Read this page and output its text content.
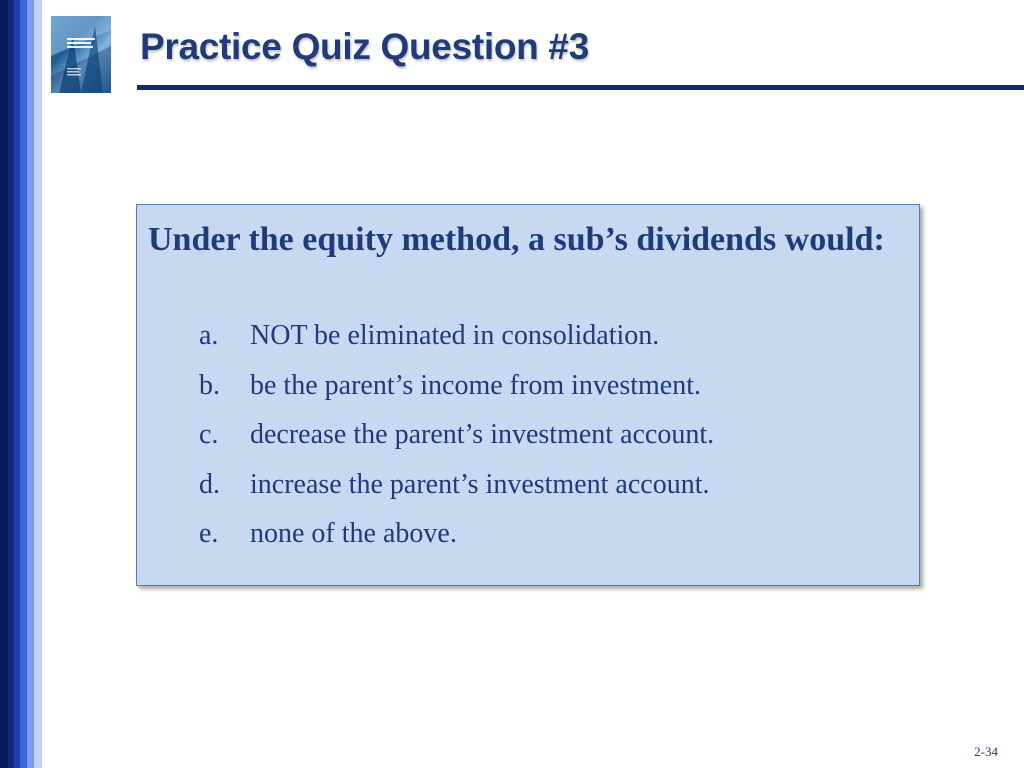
Practice Quiz Question #3

Under the equity method, a sub’s dividends would:

a.	NOT be eliminated in consolidation.
b.	be the parent’s income from investment.
c.	decrease the parent’s investment account.
d.	increase the parent’s investment account.
e.	none of the above.
2-34
